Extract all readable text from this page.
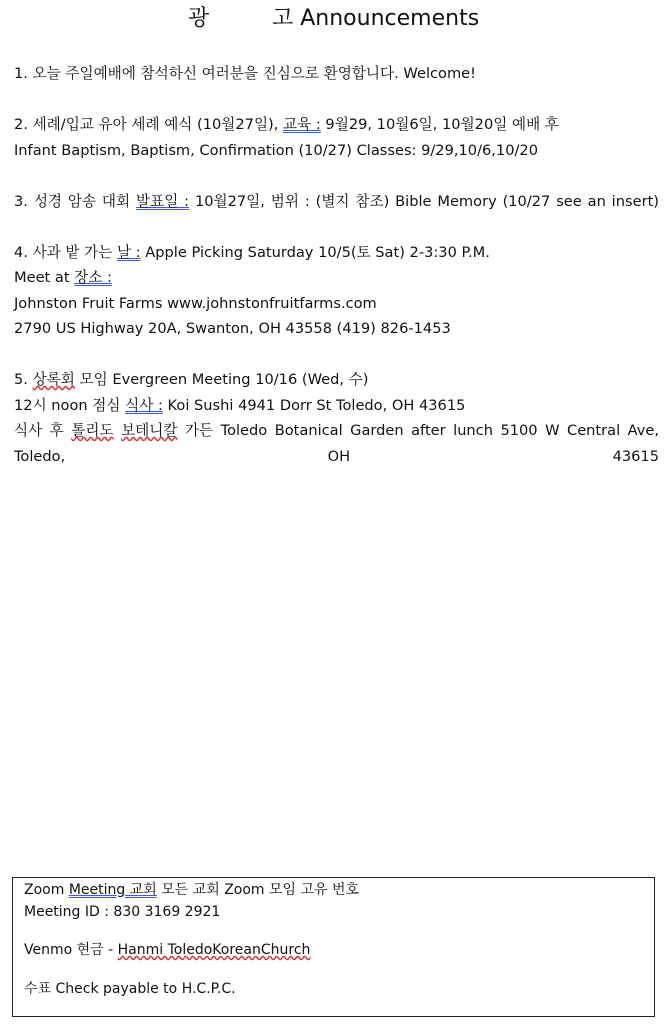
광         고 Announcements
1. 오늘 주일예배에 참석하신 여러분을 진심으로 환영합니다. Welcome!
2. 세례/입교 유아 세례 예식 (10월27일), 교육 : 9월29, 10월6일, 10월20일 예배 후
Infant Baptism, Baptism, Confirmation (10/27) Classes: 9/29,10/6,10/20
3. 성경 암송 대회 발표일 : 10월27일, 범위 : (별지 참조) Bible Memory (10/27 see an insert)
4. 사과 밭 가는 날 : Apple Picking Saturday 10/5(토 Sat) 2-3:30 P.M.
Meet at 장소 :
Johnston Fruit Farms www.johnstonfruitfarms.com
2790 US Highway 20A, Swanton, OH 43558 (419) 826-1453
5. 상록회 모임 Evergreen Meeting 10/16 (Wed, 수)
12시 noon 점심 식사 : Koi Sushi 4941 Dorr St Toledo, OH 43615
식사 후 톨리도 보테니칼 가든 Toledo Botanical Garden after lunch 5100 W Central Ave, Toledo, OH 43615
Zoom Meeting 교회 모든 교회 Zoom 모임 고유 번호
Meeting ID : 830 3169 2921
Venmo 현금 - Hanmi ToledoKoreanChurch
수표 Check payable to H.C.P.C.
